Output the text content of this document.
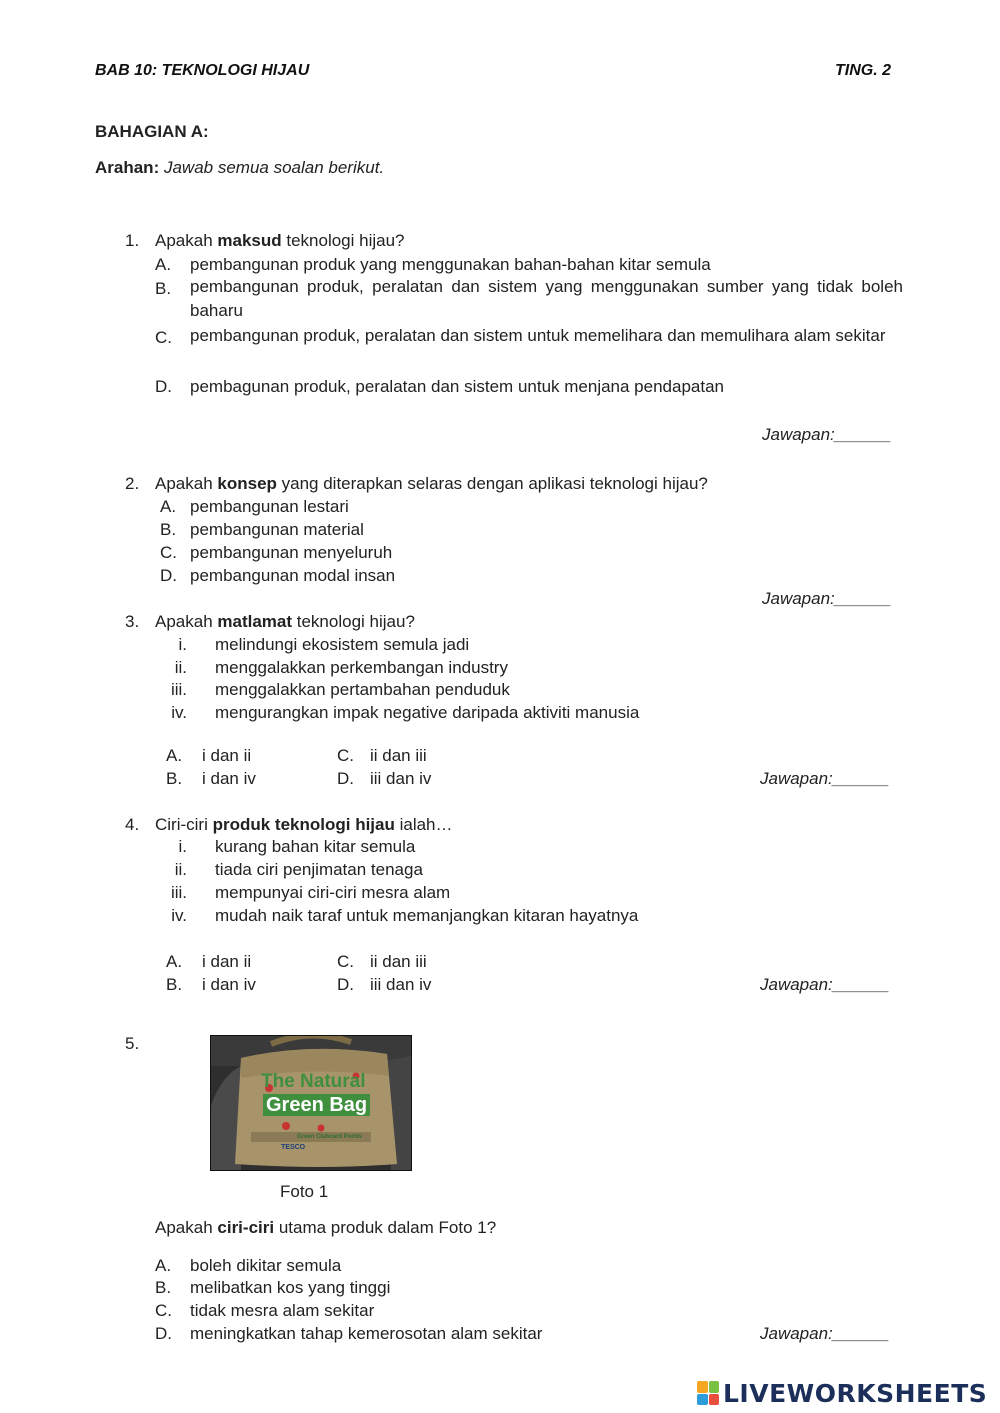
BAB 10: TEKNOLOGI HIJAU	TING. 2
BAHAGIAN A:
Arahan: Jawab semua soalan berikut.
1. Apakah maksud teknologi hijau?
A. pembangunan produk yang menggunakan bahan-bahan kitar semula
B. pembangunan produk, peralatan dan sistem yang menggunakan sumber yang tidak boleh baharu
C. pembangunan produk, peralatan dan sistem untuk memelihara dan memulihara alam sekitar
D. pembagunan produk, peralatan dan sistem untuk menjana pendapatan
Jawapan:______
2. Apakah konsep yang diterapkan selaras dengan aplikasi teknologi hijau?
A. pembangunan lestari
B. pembangunan material
C. pembangunan menyeluruh
D. pembangunan modal insan
Jawapan:______
3. Apakah matlamat teknologi hijau?
i. melindungi ekosistem semula jadi
ii. menggalakkan perkembangan industry
iii. menggalakkan pertambahan penduduk
iv. mengurangkan impak negative daripada aktiviti manusia
A. i dan ii	C. ii dan iii
B. i dan iv	D. iii dan iv	Jawapan:______
4. Ciri-ciri produk teknologi hijau ialah…
i. kurang bahan kitar semula
ii. tiada ciri penjimatan tenaga
iii. mempunyai ciri-ciri mesra alam
iv. mudah naik taraf untuk memanjangkan kitaran hayatnya
A. i dan ii	C. ii dan iii
B. i dan iv	D. iii dan iv	Jawapan:______
5.
The Natural
Green Bag
Green Clubcard Points
TESCO
Foto 1
Apakah ciri-ciri utama produk dalam Foto 1?
A. boleh dikitar semula
B. melibatkan kos yang tinggi
C. tidak mesra alam sekitar
D. meningkatkan tahap kemerosotan alam sekitar	Jawapan:______
LIVEWORKSHEETS
